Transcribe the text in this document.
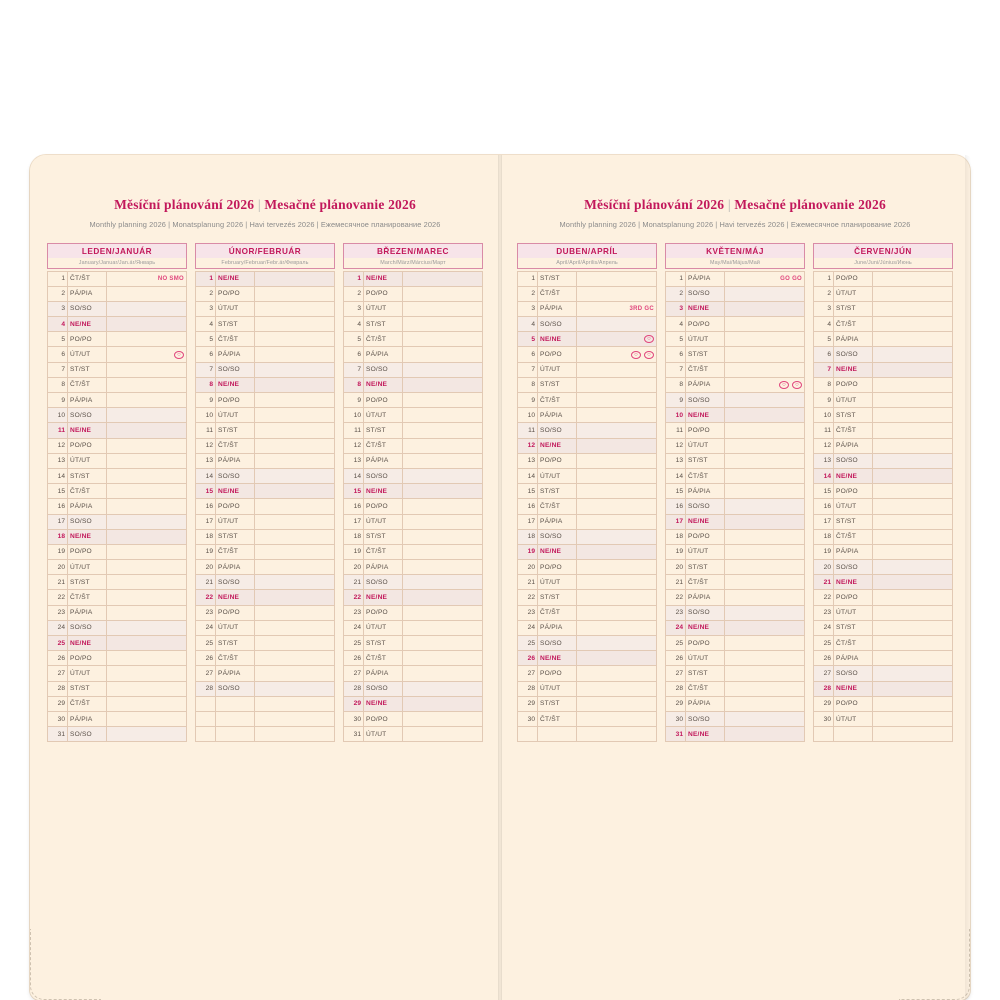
Měsíční plánování 2026 | Mesačné plánovanie 2026
Monthly planning 2026 | Monatsplanung 2026 | Havi tervezés 2026 | Ежемесячное планирование 2026
LEDEN/JANUÁR
January/Januar/Jan.ár/Январь
1	ČT/ŠT	NO SMO

2	PÁ/PIA	
3	SO/SO	
4	NE/NE	
5	PO/PO	
6	ÚT/UT	○

7	ST/ST	
8	ČT/ŠT	
9	PÁ/PIA	
10	SO/SO	
11	NE/NE	
12	PO/PO	
13	ÚT/UT	
14	ST/ST	
15	ČT/ŠT	
16	PÁ/PIA	
17	SO/SO	
18	NE/NE	
19	PO/PO	
20	ÚT/UT	
21	ST/ST	
22	ČT/ŠT	
23	PÁ/PIA	
24	SO/SO	
25	NE/NE	
26	PO/PO	
27	ÚT/UT	
28	ST/ST	
29	ČT/ŠT	
30	PÁ/PIA	
31	SO/SO	
ÚNOR/FEBRUÁR
February/Februar/Febr.ár/Февраль
1	NE/NE	
2	PO/PO	
3	ÚT/UT	
4	ST/ST	
5	ČT/ŠT	
6	PÁ/PIA	
7	SO/SO	
8	NE/NE	
9	PO/PO	
10	ÚT/UT	
11	ST/ST	
12	ČT/ŠT	
13	PÁ/PIA	
14	SO/SO	
15	NE/NE	
16	PO/PO	
17	ÚT/UT	
18	ST/ST	
19	ČT/ŠT	
20	PÁ/PIA	
21	SO/SO	
22	NE/NE	
23	PO/PO	
24	ÚT/UT	
25	ST/ST	
26	ČT/ŠT	
27	PÁ/PIA	
28	SO/SO	

BŘEZEN/MAREC
March/März/Március/Март
1	NE/NE	
2	PO/PO	
3	ÚT/UT	
4	ST/ST	
5	ČT/ŠT	
6	PÁ/PIA	
7	SO/SO	
8	NE/NE	
9	PO/PO	
10	ÚT/UT	
11	ST/ST	
12	ČT/ŠT	
13	PÁ/PIA	
14	SO/SO	
15	NE/NE	
16	PO/PO	
17	ÚT/UT	
18	ST/ST	
19	ČT/ŠT	
20	PÁ/PIA	
21	SO/SO	
22	NE/NE	
23	PO/PO	
24	ÚT/UT	
25	ST/ST	
26	ČT/ŠT	
27	PÁ/PIA	
28	SO/SO	
29	NE/NE	
30	PO/PO	
31	ÚT/UT	
Měsíční plánování 2026 | Mesačné plánovanie 2026
Monthly planning 2026 | Monatsplanung 2026 | Havi tervezés 2026 | Ежемесячное планирование 2026
DUBEN/APRÍL
April/April/Április/Апрель
1	ST/ST	
2	ČT/ŠT	
3	PÁ/PIA	3RD GC

4	SO/SO	
5	NE/NE	○

6	PO/PO	○ ○

7	ÚT/UT	
8	ST/ST	
9	ČT/ŠT	
10	PÁ/PIA	
11	SO/SO	
12	NE/NE	
13	PO/PO	
14	ÚT/UT	
15	ST/ST	
16	ČT/ŠT	
17	PÁ/PIA	
18	SO/SO	
19	NE/NE	
20	PO/PO	
21	ÚT/UT	
22	ST/ST	
23	ČT/ŠT	
24	PÁ/PIA	
25	SO/SO	
26	NE/NE	
27	PO/PO	
28	ÚT/UT	
29	ST/ST	
30	ČT/ŠT	

KVĚTEN/MÁJ
May/Mai/Május/Май
1	PÁ/PIA	GO GO

2	SO/SO	
3	NE/NE	
4	PO/PO	
5	ÚT/UT	
6	ST/ST	
7	ČT/ŠT	
8	PÁ/PIA	○ ○

9	SO/SO	
10	NE/NE	
11	PO/PO	
12	ÚT/UT	
13	ST/ST	
14	ČT/ŠT	
15	PÁ/PIA	
16	SO/SO	
17	NE/NE	
18	PO/PO	
19	ÚT/UT	
20	ST/ST	
21	ČT/ŠT	
22	PÁ/PIA	
23	SO/SO	
24	NE/NE	
25	PO/PO	
26	ÚT/UT	
27	ST/ST	
28	ČT/ŠT	
29	PÁ/PIA	
30	SO/SO	
31	NE/NE	
ČERVEN/JÚN
June/Juni/Június/Июнь
1	PO/PO	
2	ÚT/UT	
3	ST/ST	
4	ČT/ŠT	
5	PÁ/PIA	
6	SO/SO	
7	NE/NE	
8	PO/PO	
9	ÚT/UT	
10	ST/ST	
11	ČT/ŠT	
12	PÁ/PIA	
13	SO/SO	
14	NE/NE	
15	PO/PO	
16	ÚT/UT	
17	ST/ST	
18	ČT/ŠT	
19	PÁ/PIA	
20	SO/SO	
21	NE/NE	
22	PO/PO	
23	ÚT/UT	
24	ST/ST	
25	ČT/ŠT	
26	PÁ/PIA	
27	SO/SO	
28	NE/NE	
29	PO/PO	
30	ÚT/UT	
